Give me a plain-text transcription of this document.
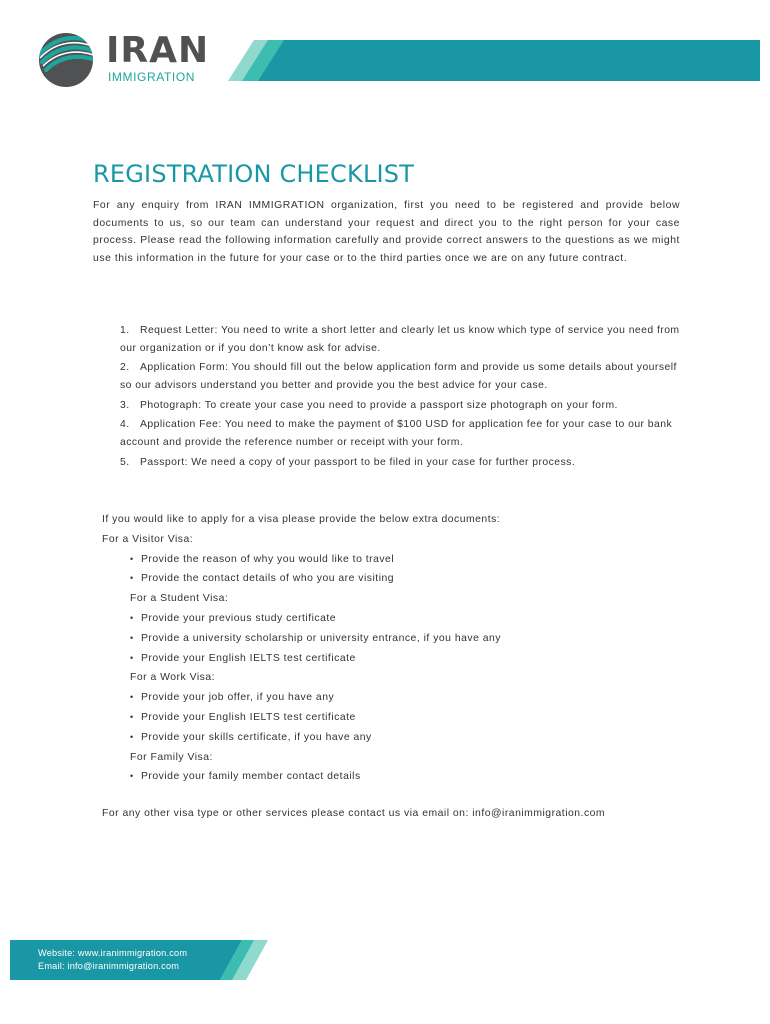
IRAN
IMMIGRATION
REGISTRATION CHECKLIST

For any enquiry from IRAN IMMIGRATION organization, first you need to be registered and provide below documents to us, so our team can understand your request and direct you to the right person for your case process. Please read the following information carefully and provide correct answers to the questions as we might use this information in the future for your case or to the third parties once we are on any future contract.

1. Request Letter: You need to write a short letter and clearly let us know which type of service you need from our organization or if you don’t know ask for advise.
2. Application Form: You should fill out the below application form and provide us some details about yourself so our advisors understand you better and provide you the best advice for your case.
3. Photograph: To create your case you need to provide a passport size photograph on your form.
4. Application Fee: You need to make the payment of $100 USD for application fee for your case to our bank account and provide the reference number or receipt with your form.
5. Passport: We need a copy of your passport to be filed in your case for further process.
If you would like to apply for a visa please provide the below extra documents:
For a Visitor Visa:
• Provide the reason of why you would like to travel
• Provide the contact details of who you are visiting
For a Student Visa:
• Provide your previous study certificate
• Provide a university scholarship or university entrance, if you have any
• Provide your English IELTS test certificate
For a Work Visa:
• Provide your job offer, if you have any
• Provide your English IELTS test certificate
• Provide your skills certificate, if you have any
For Family Visa:
• Provide your family member contact details
For any other visa type or other services please contact us via email on: info@iranimmigration.com
Website: www.iranimmigration.com
Email: info@iranimmigration.com
